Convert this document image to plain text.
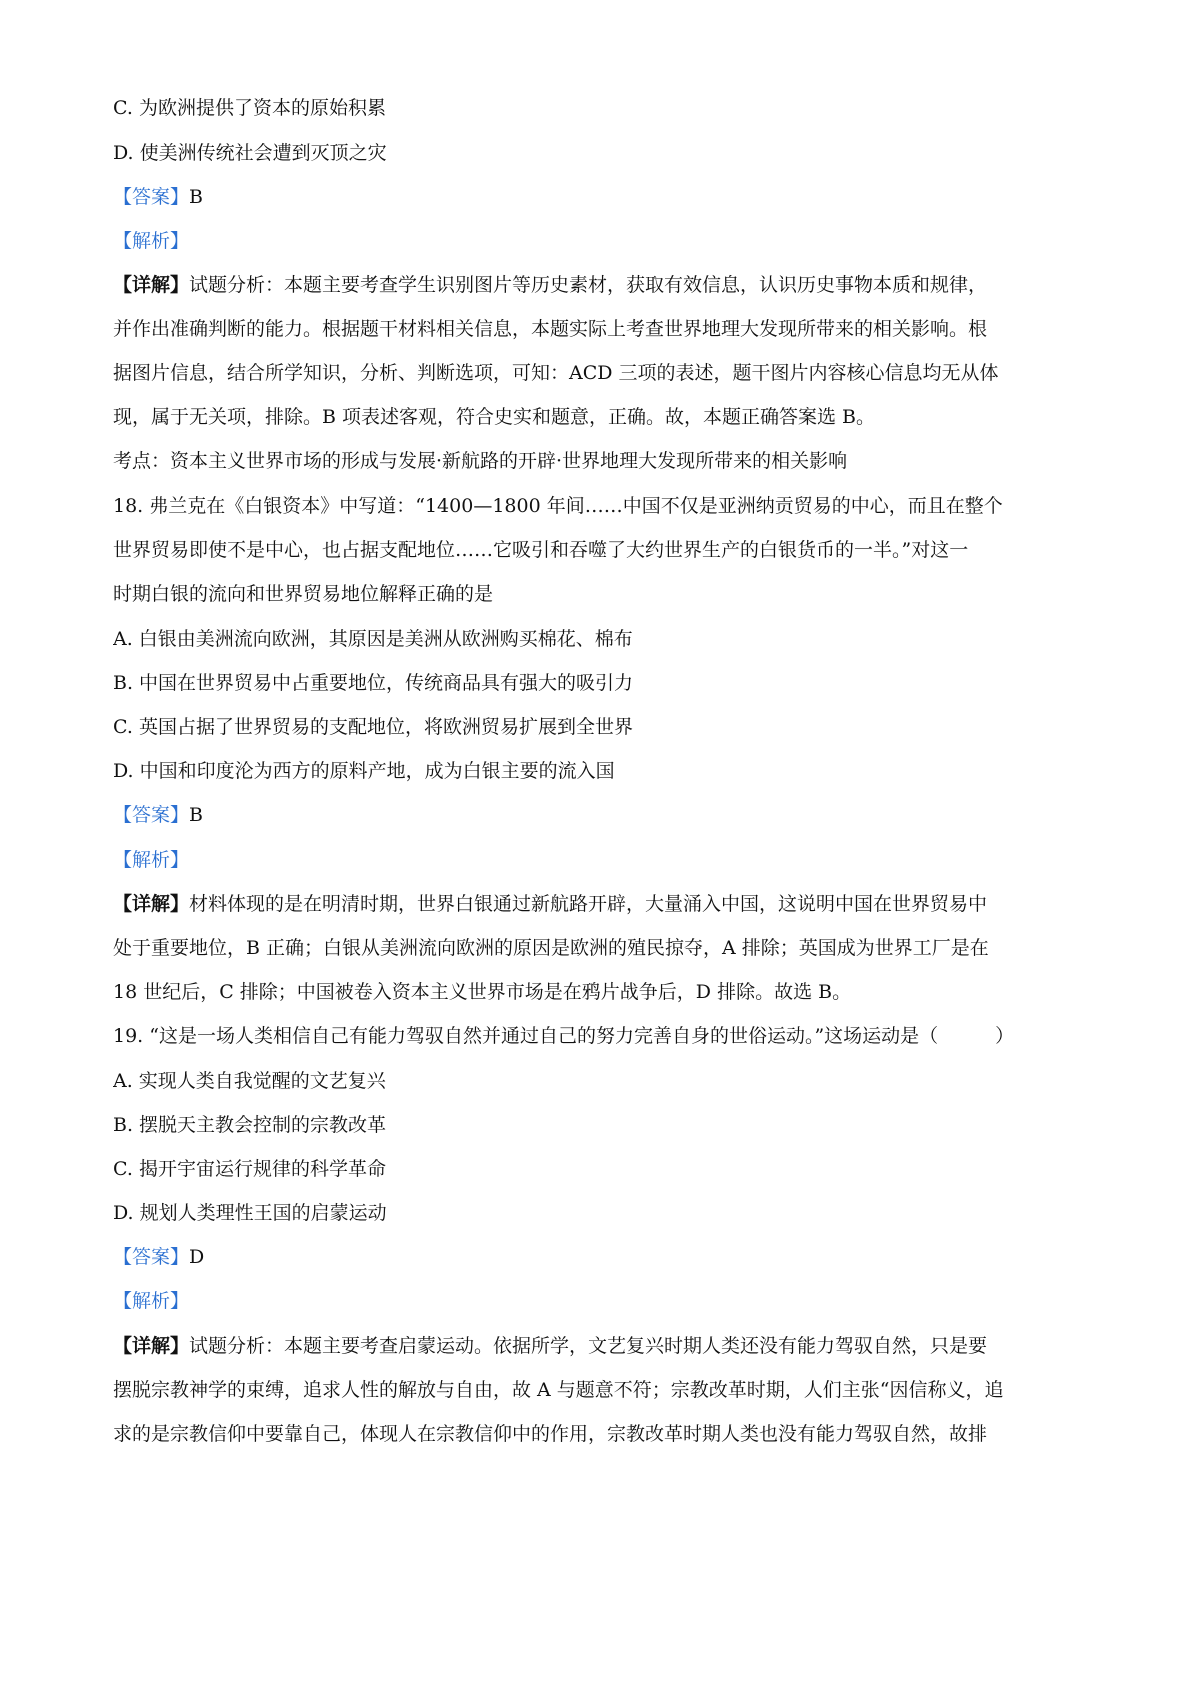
C. 为欧洲提供了资本的原始积累
D. 使美洲传统社会遭到灭顶之灾
【答案】B
【解析】
【详解】试题分析：本题主要考查学生识别图片等历史素材，获取有效信息，认识历史事物本质和规律，
并作出准确判断的能力。根据题干材料相关信息，本题实际上考查世界地理大发现所带来的相关影响。根
据图片信息，结合所学知识，分析、判断选项，可知：ACD 三项的表述，题干图片内容核心信息均无从体
现，属于无关项，排除。B 项表述客观，符合史实和题意，正确。故，本题正确答案选 B。
考点：资本主义世界市场的形成与发展·新航路的开辟·世界地理大发现所带来的相关影响
18. 弗兰克在《白银资本》中写道：“1400—1800 年间……中国不仅是亚洲纳贡贸易的中心，而且在整个
世界贸易即使不是中心，也占据支配地位……它吸引和吞噬了大约世界生产的白银货币的一半。”对这一
时期白银的流向和世界贸易地位解释正确的是
A. 白银由美洲流向欧洲，其原因是美洲从欧洲购买棉花、棉布
B. 中国在世界贸易中占重要地位，传统商品具有强大的吸引力
C. 英国占据了世界贸易的支配地位，将欧洲贸易扩展到全世界
D. 中国和印度沦为西方的原料产地，成为白银主要的流入国
【答案】B
【解析】
【详解】材料体现的是在明清时期，世界白银通过新航路开辟，大量涌入中国，这说明中国在世界贸易中
处于重要地位，B 正确；白银从美洲流向欧洲的原因是欧洲的殖民掠夺，A 排除；英国成为世界工厂是在
18 世纪后，C 排除；中国被卷入资本主义世界市场是在鸦片战争后，D 排除。故选 B。
19. “这是一场人类相信自己有能力驾驭自然并通过自己的努力完善自身的世俗运动。”这场运动是（　　　）
A. 实现人类自我觉醒的文艺复兴
B. 摆脱天主教会控制的宗教改革
C. 揭开宇宙运行规律的科学革命
D. 规划人类理性王国的启蒙运动
【答案】D
【解析】
【详解】试题分析：本题主要考查启蒙运动。依据所学，文艺复兴时期人类还没有能力驾驭自然，只是要
摆脱宗教神学的束缚，追求人性的解放与自由，故 A 与题意不符；宗教改革时期，人们主张“因信称义，追
求的是宗教信仰中要靠自己，体现人在宗教信仰中的作用，宗教改革时期人类也没有能力驾驭自然，故排
